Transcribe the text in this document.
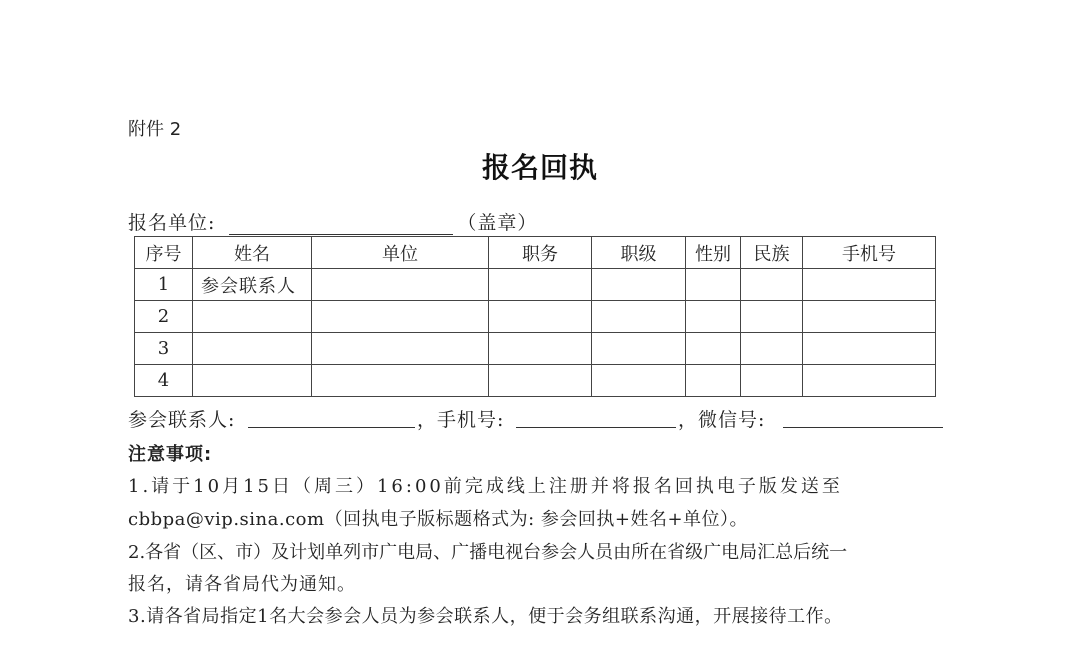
附件 2
报名回执
报名单位:	（盖章）
序号	姓名	单位	职务	职级	性别	民族	手机号
1	参会联系人						
2							
3							
4							
参会联系人:	，手机号:	，微信号:
注意事项:
1.请于10月15日（周三）16:00前完成线上注册并将报名回执电子版发送至
cbbpa@vip.sina.com（回执电子版标题格式为: 参会回执+姓名+单位）。
2.各省（区、市）及计划单列市广电局、广播电视台参会人员由所在省级广电局汇总后统一
报名，请各省局代为通知。
3.请各省局指定1名大会参会人员为参会联系人，便于会务组联系沟通，开展接待工作。
